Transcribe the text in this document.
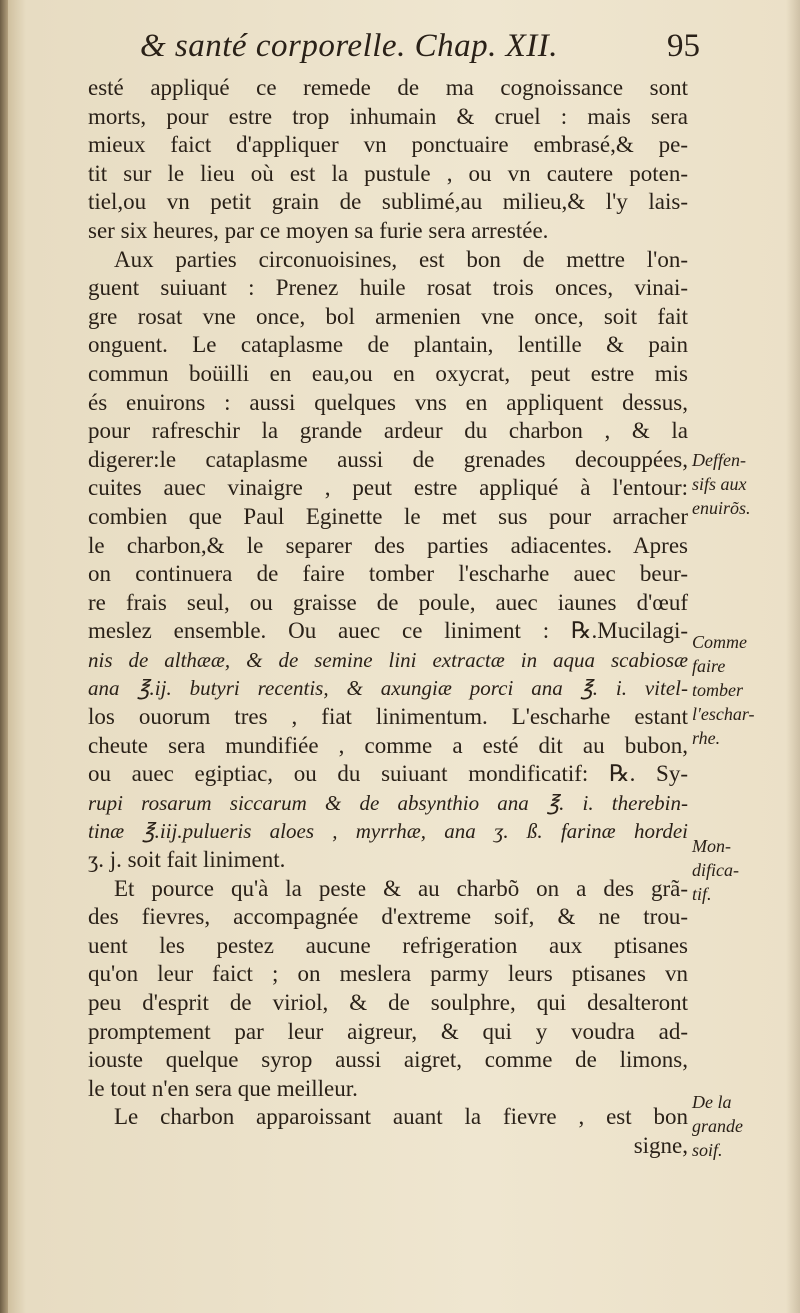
& santé corporelle. Chap. XII.	95
esté appliqué ce remede de ma cognoissance sont
morts, pour estre trop inhumain & cruel : mais sera
mieux faict d'appliquer vn ponctuaire embrasé,& pe-
tit sur le lieu où est la pustule , ou vn cautere poten-
tiel,ou vn petit grain de sublimé,au milieu,& l'y lais-
ser six heures, par ce moyen sa furie sera arrestée.
Aux parties circonuoisines, est bon de mettre l'on-
guent suiuant : Prenez huile rosat trois onces, vinai-
gre rosat vne once, bol armenien vne once, soit fait
onguent. Le cataplasme de plantain, lentille & pain
commun boüilli en eau,ou en oxycrat, peut estre mis
és enuirons : aussi quelques vns en appliquent dessus,
pour rafreschir la grande ardeur du charbon , & la
digerer:le cataplasme aussi de grenades decouppées,
cuites auec vinaigre , peut estre appliqué à l'entour:
combien que Paul Eginette le met sus pour arracher
le charbon,& le separer des parties adiacentes. Apres
on continuera de faire tomber l'escharhe auec beur-
re frais seul, ou graisse de poule, auec iaunes d'œuf
meslez ensemble. Ou auec ce liniment : ℞.Mucilagi-
nis de althææ, & de semine lini extractæ in aqua scabiosæ
ana ℥.ij. butyri recentis, & axungiæ porci ana ℥. i. vitel-
los ouorum tres , fiat linimentum. L'escharhe estant
cheute sera mundifiée , comme a esté dit au bubon,
ou auec egiptiac, ou du suiuant mondificatif: ℞. Sy-
rupi rosarum siccarum & de absynthio ana ℥. i. therebin-
tinæ ℥.iij.pulueris aloes , myrrhæ, ana ʒ. ß. farinæ hordei
ʒ. j. soit fait liniment.
Et pource qu'à la peste & au charbõ on a des grã-
des fievres, accompagnée d'extreme soif, & ne trou-
uent les pestez aucune refrigeration aux ptisanes
qu'on leur faict ; on meslera parmy leurs ptisanes vn
peu d'esprit de viriol, & de soulphre, qui desalteront
promptement par leur aigreur, & qui y voudra ad-
iouste quelque syrop aussi aigret, comme de limons,
le tout n'en sera que meilleur.
Le charbon apparoissant auant la fievre , est bon
signe,
Deffen-
sifs aux
enuirõs.
Comme
faire
tomber
l'eschar-
rhe.
Mon-
difica-
tif.
De la
grande
soif.
